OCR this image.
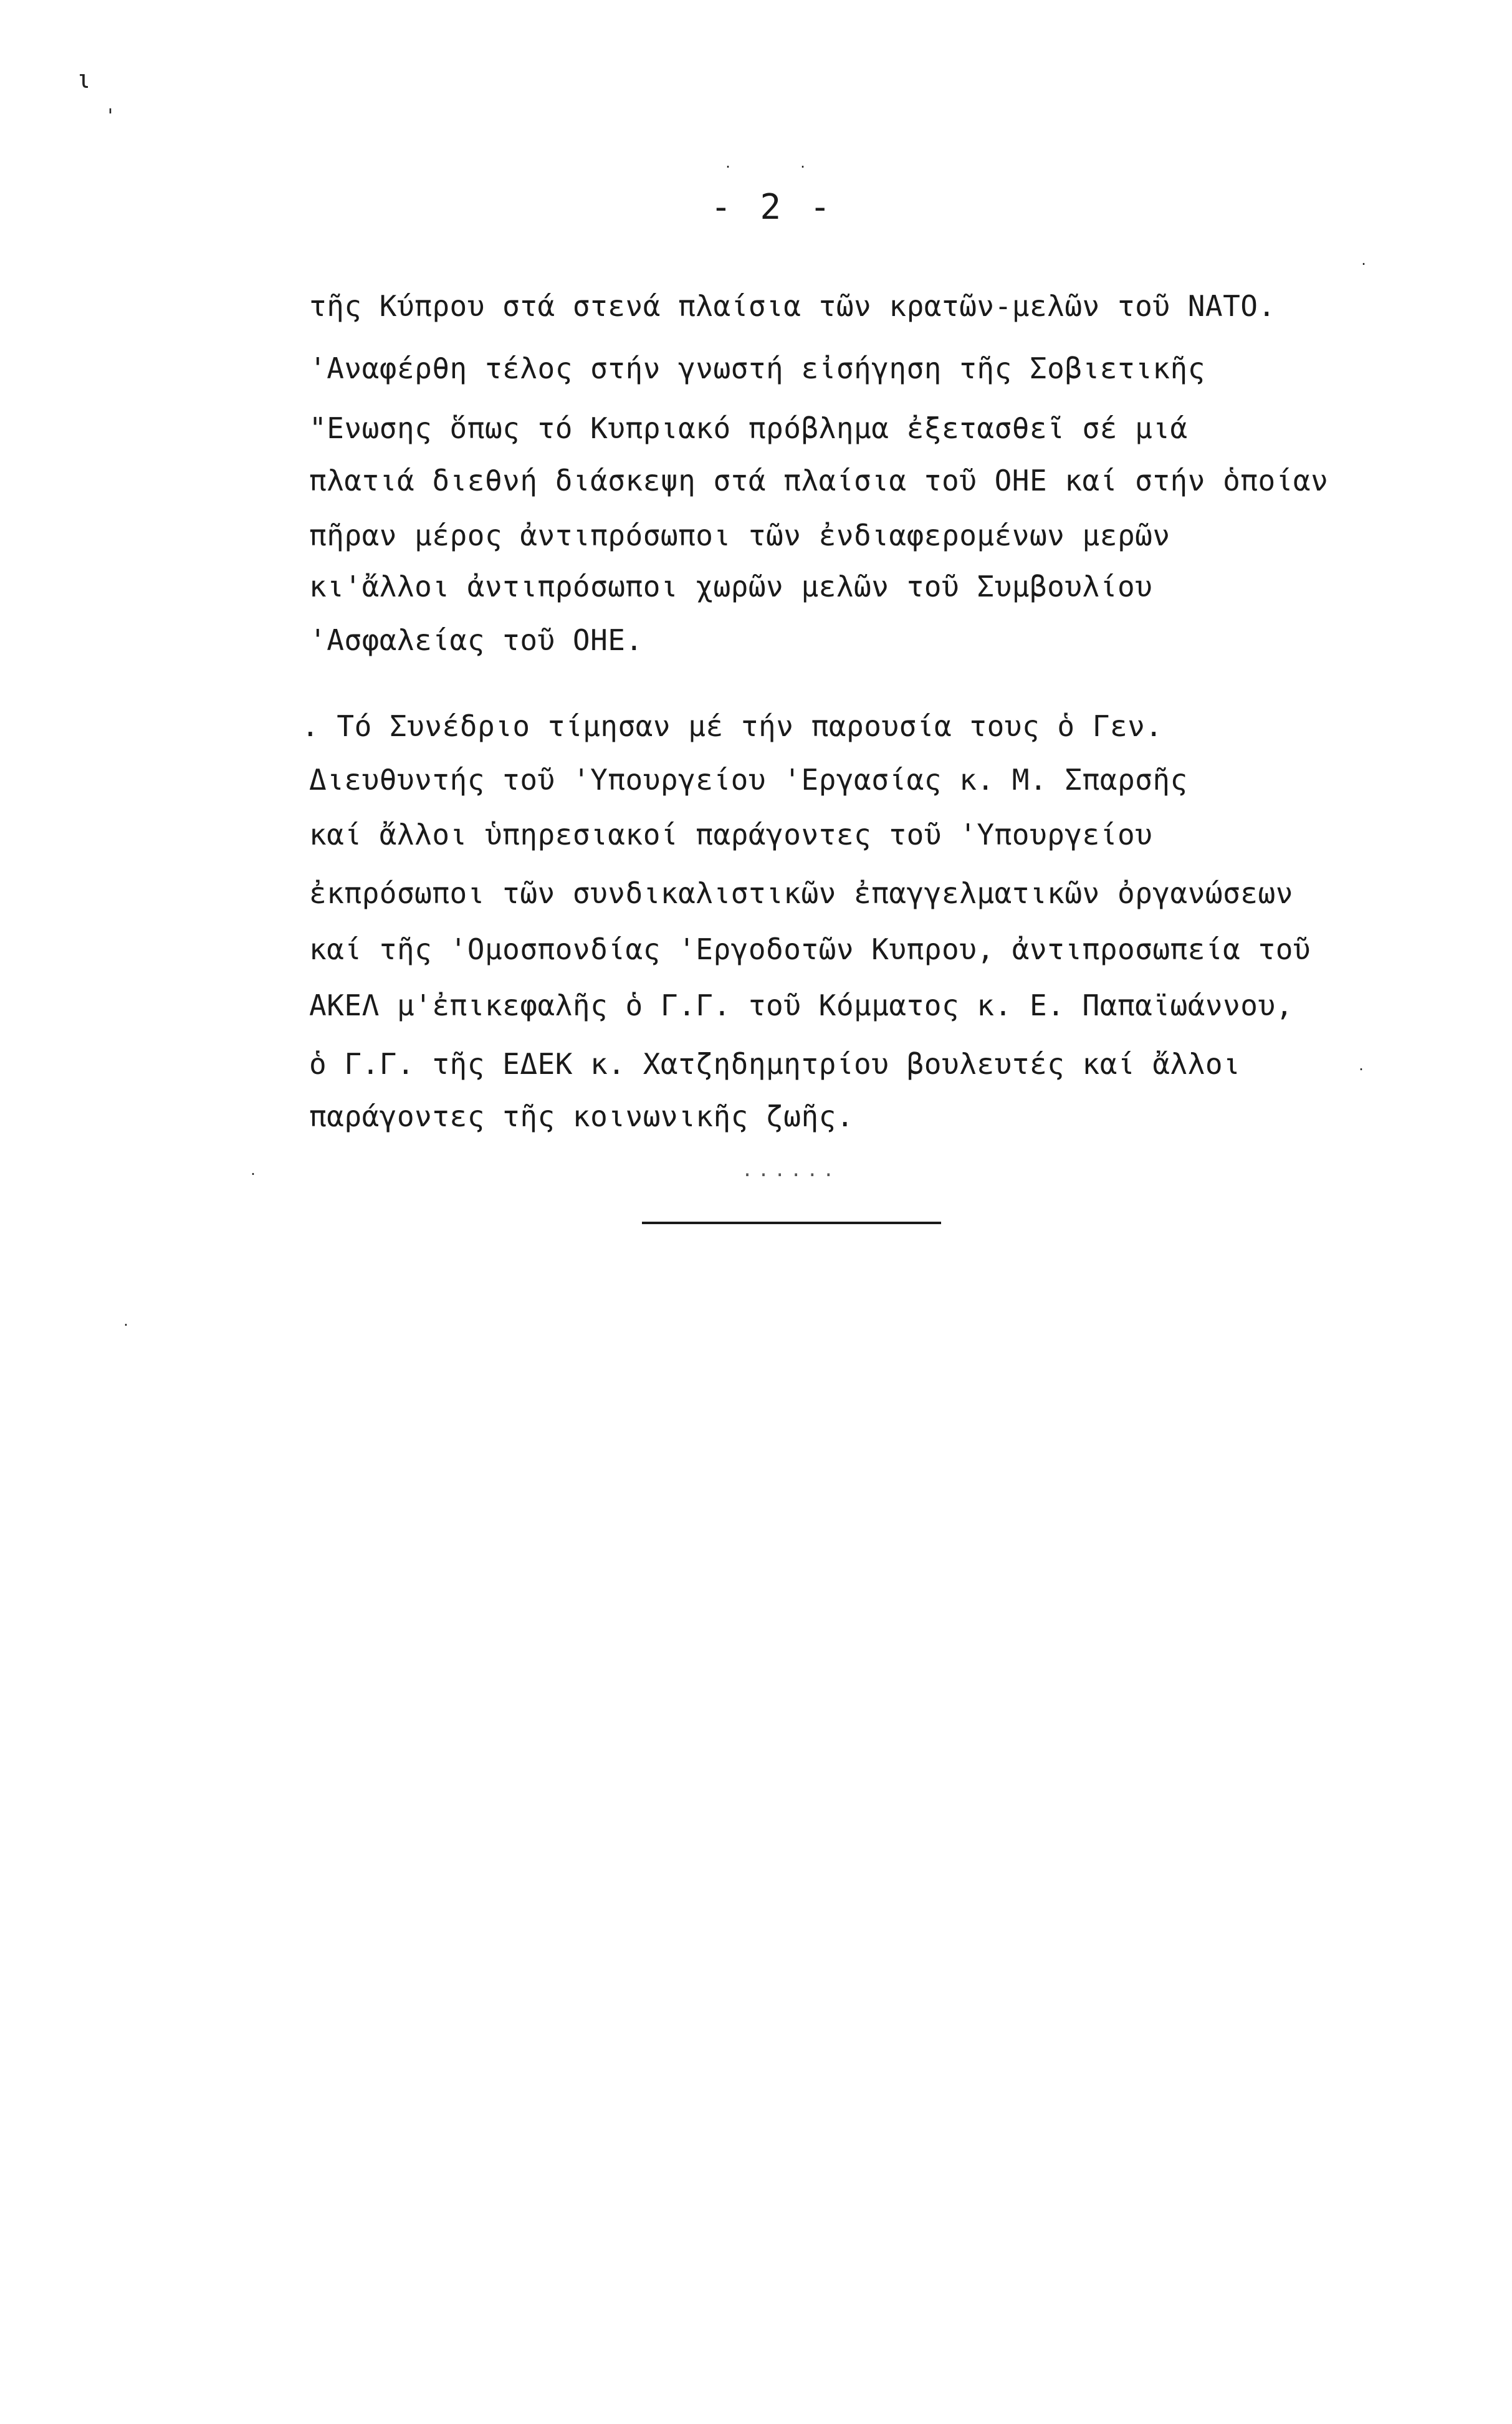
ι
'
- 2 -
τῆς Κύπρου στά στενά πλαίσια τῶν κρατῶν-μελῶν τοῦ ΝΑΤΟ.
'Αναφέρθη τέλος στήν γνωστή εἰσήγηση τῆς Σοβιετικῆς
"Ενωσης ὅπως τό Κυπριακό πρόβλημα ἐξετασθεῖ σέ μιά
πλατιά διεθνή διάσκεψη στά πλαίσια τοῦ ΟΗΕ καί στήν ὁποίαν
πῆραν μέρος ἀντιπρόσωποι τῶν ἐνδιαφερομένων μερῶν
κι'ἄλλοι ἀντιπρόσωποι χωρῶν μελῶν τοῦ Συμβουλίου
'Ασφαλείας τοῦ ΟΗΕ.
. Τό Συνέδριο τίμησαν μέ τήν παρουσία τους ὁ Γεν.
Διευθυντής τοῦ 'Υπουργείου 'Εργασίας κ. Μ. Σπαρσῆς
καί ἄλλοι ὑπηρεσιακοί παράγοντες τοῦ 'Υπουργείου
ἐκπρόσωποι τῶν συνδικαλιστικῶν ἐπαγγελματικῶν ὀργανώσεων
καί τῆς 'Ομοσπονδίας 'Εργοδοτῶν Κυπρου, ἀντιπροσωπεία τοῦ
ΑΚΕΛ μ'ἐπικεφαλῆς ὁ Γ.Γ. τοῦ Κόμματος κ. Ε. Παπαϊωάννου,
ὁ Γ.Γ. τῆς ΕΔΕΚ κ. Χατζηδημητρίου βουλευτές καί ἄλλοι
παράγοντες τῆς κοινωνικῆς ζωῆς.
......
.
.
.
.	.
.
